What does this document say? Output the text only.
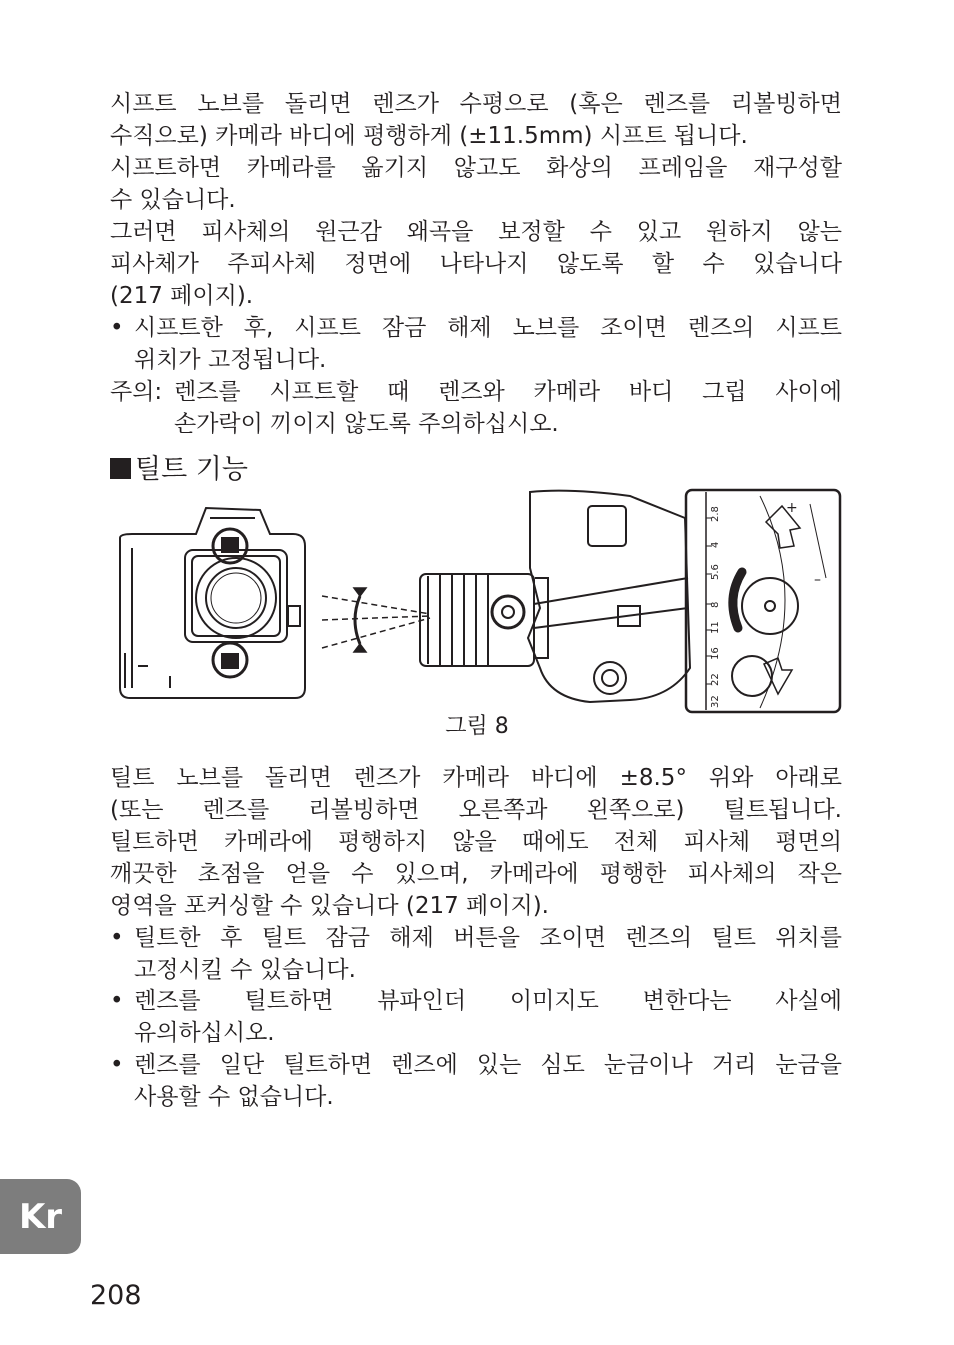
시프트 노브를 돌리면 렌즈가 수평으로 (혹은 렌즈를 리볼빙하면
수직으로) 카메라 바디에 평행하게 (±11.5mm) 시프트 됩니다.
시프트하면 카메라를 옮기지 않고도 화상의 프레임을 재구성할
수 있습니다.
그러면 피사체의 원근감 왜곡을 보정할 수 있고 원하지 않는
피사체가 주피사체 정면에 나타나지 않도록 할 수 있습니다
(217 페이지).
• 시프트한 후, 시프트 잠금 해제 노브를 조이면 렌즈의 시프트
위치가 고정됩니다.
주의: 렌즈를 시프트할 때 렌즈와 카메라 바디 그립 사이에
손가락이 끼이지 않도록 주의하십시오.
틸트 기능
2.8
4
5.6
8
11
16
22
32
+
–
그림 8
틸트 노브를 돌리면 렌즈가 카메라 바디에 ±8.5° 위와 아래로
(또는 렌즈를 리볼빙하면 오른쪽과 왼쪽으로) 틸트됩니다.
틸트하면 카메라에 평행하지 않을 때에도 전체 피사체 평면의
깨끗한 초점을 얻을 수 있으며, 카메라에 평행한 피사체의 작은
영역을 포커싱할 수 있습니다 (217 페이지).
• 틸트한 후 틸트 잠금 해제 버튼을 조이면 렌즈의 틸트 위치를
고정시킬 수 있습니다.
• 렌즈를 틸트하면 뷰파인더 이미지도 변한다는 사실에
유의하십시오.
• 렌즈를 일단 틸트하면 렌즈에 있는 심도 눈금이나 거리 눈금을
사용할 수 없습니다.
Kr
208
